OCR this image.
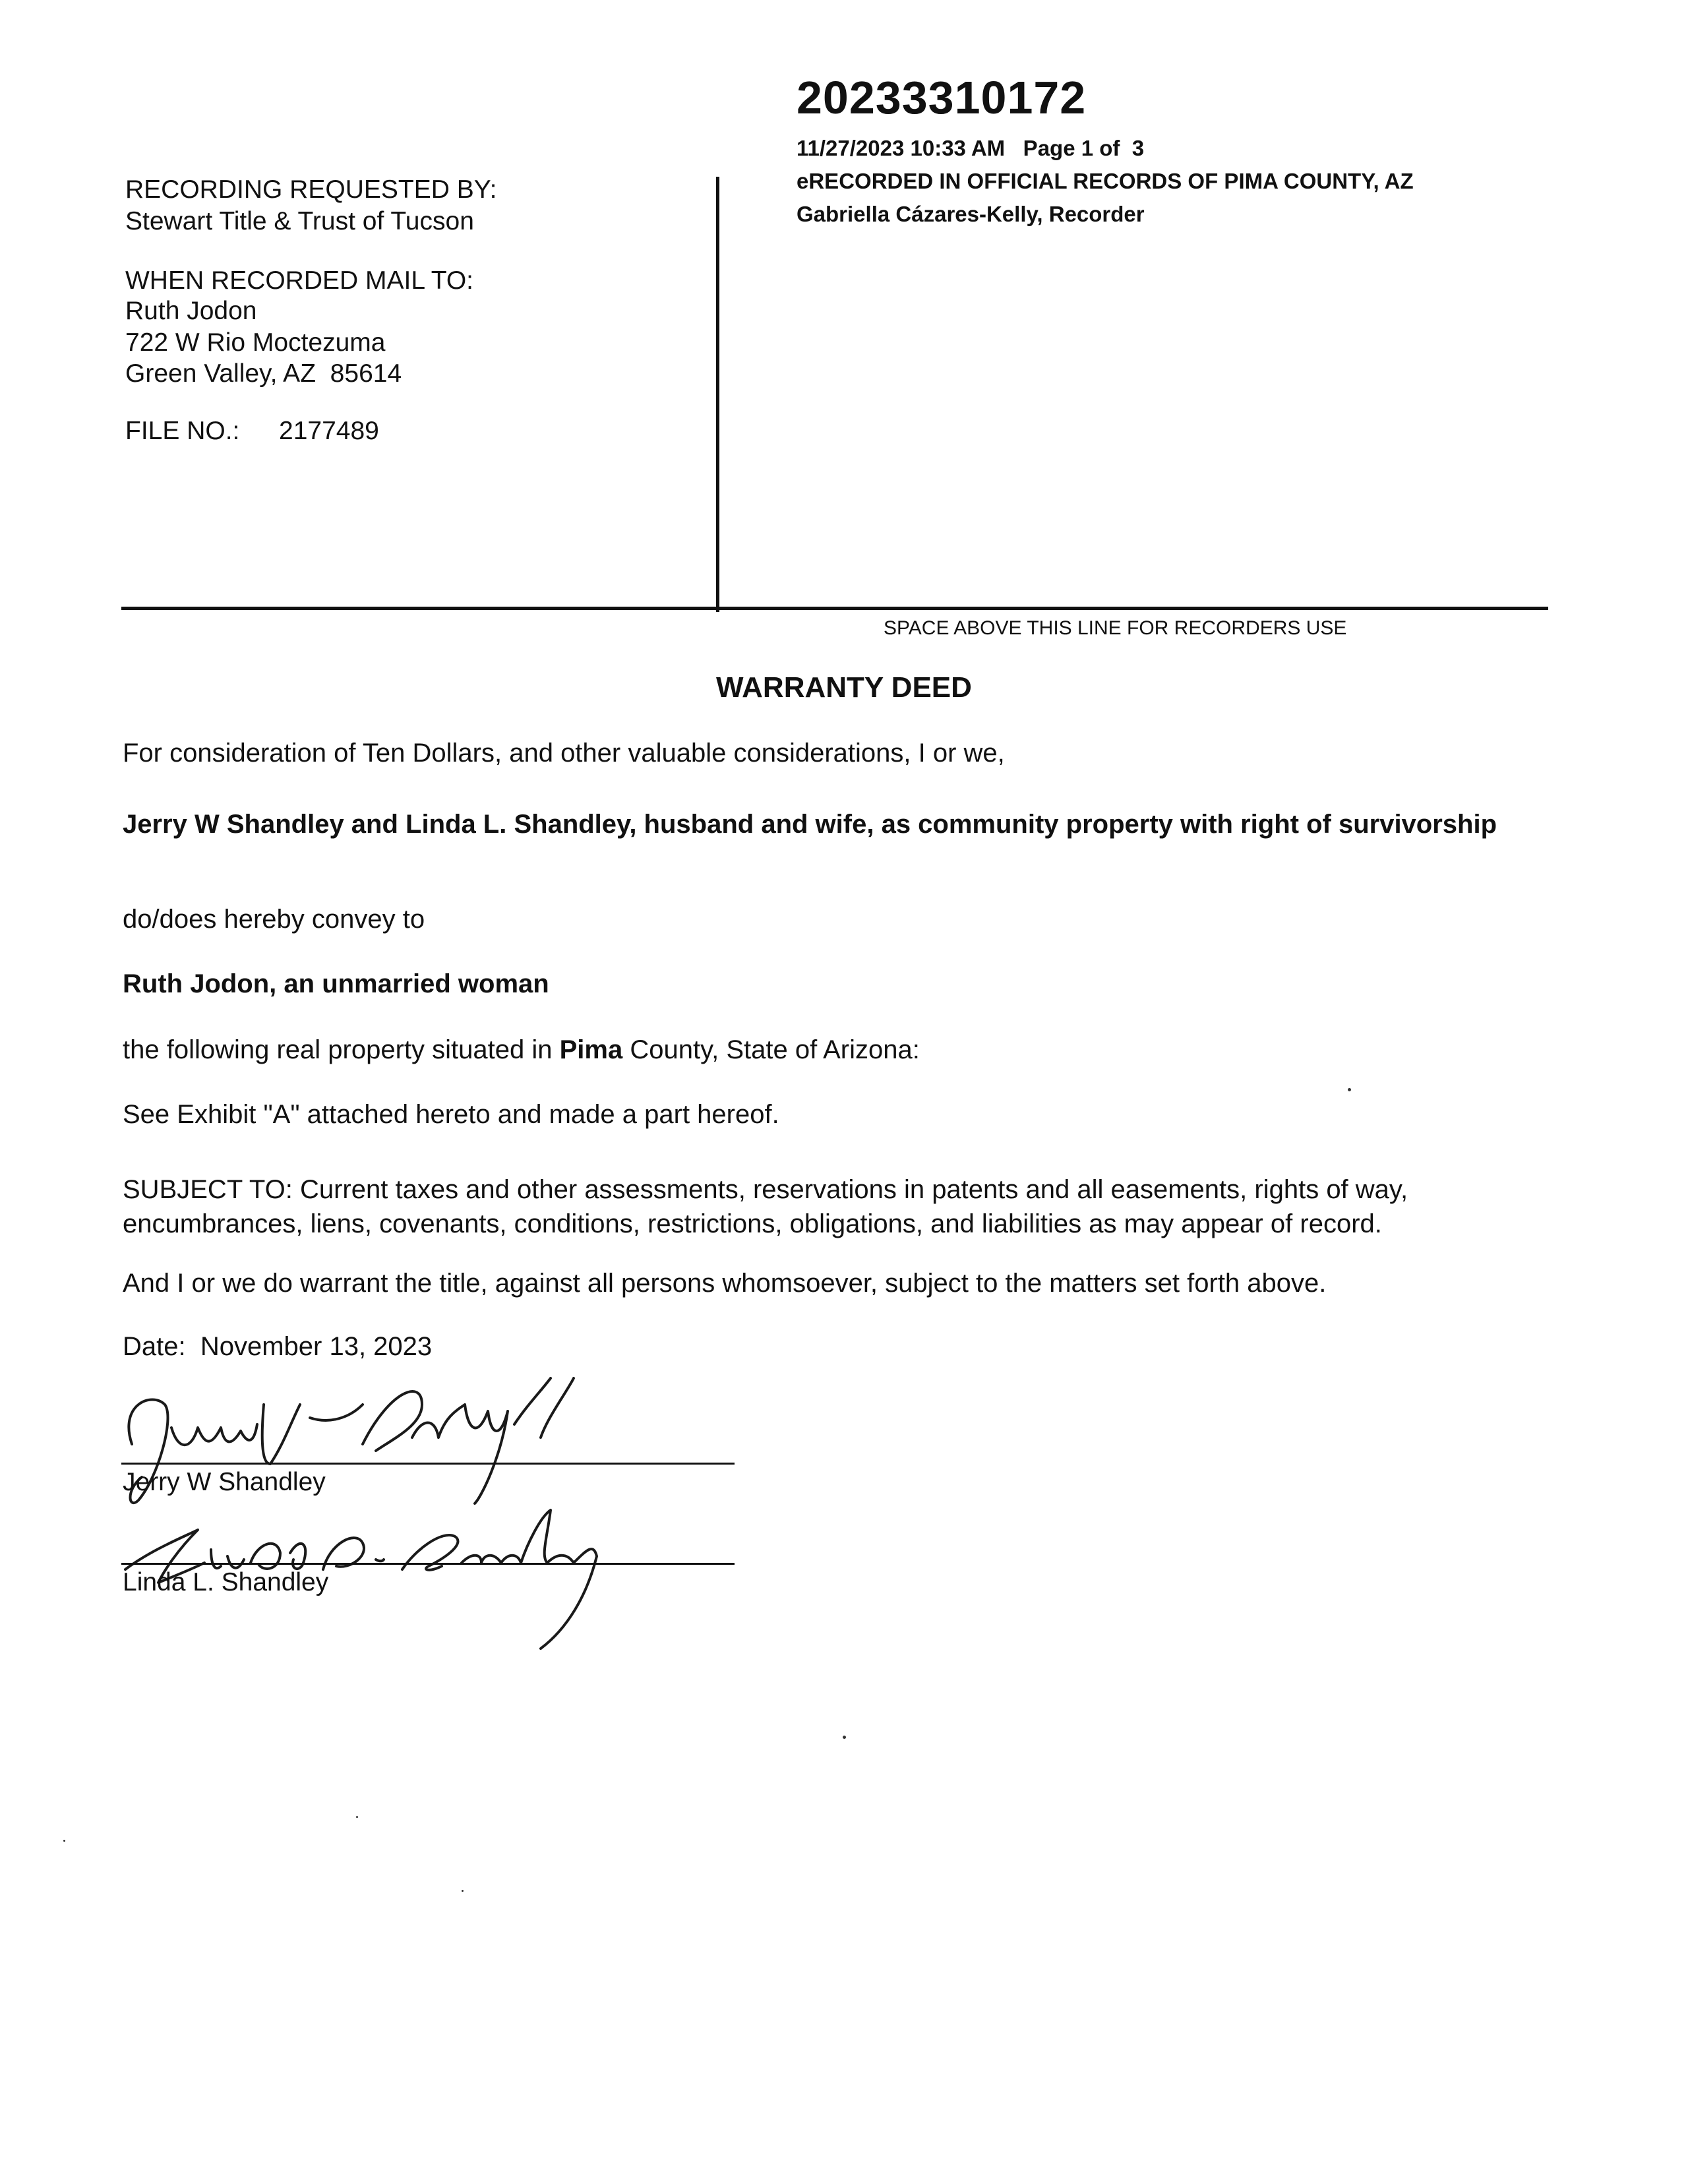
20233310172
11/27/2023 10:33 AM   Page 1 of  3
eRECORDED IN OFFICIAL RECORDS OF PIMA COUNTY, AZ
Gabriella Cázares-Kelly, Recorder
RECORDING REQUESTED BY:
Stewart Title & Trust of Tucson
WHEN RECORDED MAIL TO:
Ruth Jodon
722 W Rio Moctezuma
Green Valley, AZ  85614
FILE NO.: 2177489
SPACE ABOVE THIS LINE FOR RECORDERS USE
WARRANTY DEED
For consideration of Ten Dollars, and other valuable considerations, I or we,
Jerry W Shandley and Linda L. Shandley, husband and wife, as community property with right of survivorship
do/does hereby convey to
Ruth Jodon, an unmarried woman
the following real property situated in Pima County, State of Arizona:
See Exhibit "A" attached hereto and made a part hereof.
SUBJECT TO: Current taxes and other assessments, reservations in patents and all easements, rights of way, encumbrances, liens, covenants, conditions, restrictions, obligations, and liabilities as may appear of record.
And I or we do warrant the title, against all persons whomsoever, subject to the matters set forth above.
Date:  November 13, 2023
Jerry W Shandley
Linda L. Shandley
